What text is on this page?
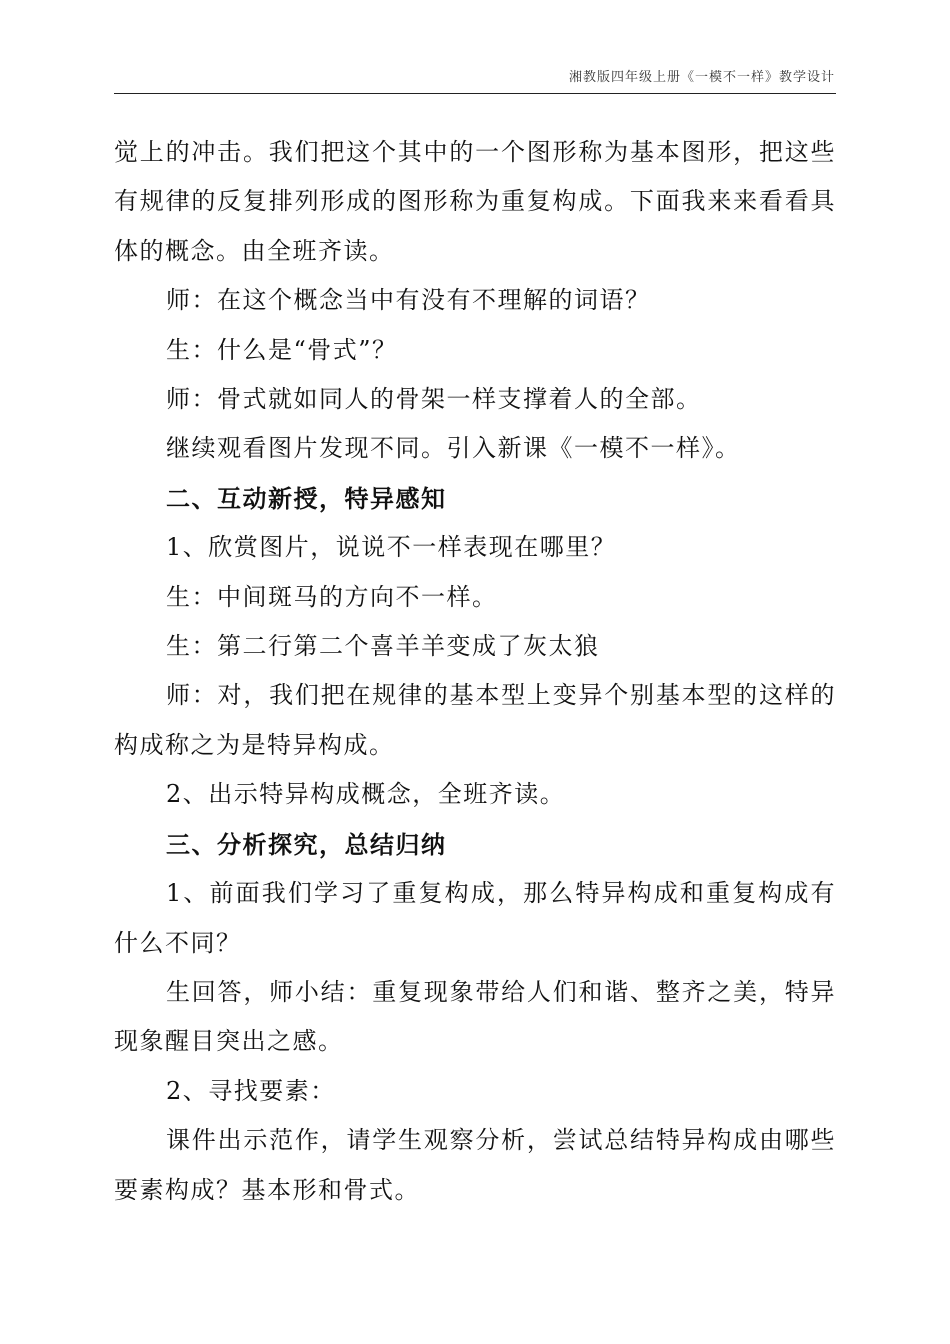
湘教版四年级上册《一模不一样》教学设计

觉上的冲击。我们把这个其中的一个图形称为基本图形，把这些有规律的反复排列形成的图形称为重复构成。下面我来来看看具体的概念。由全班齐读。

师：在这个概念当中有没有不理解的词语？

生：什么是“骨式”？

师：骨式就如同人的骨架一样支撑着人的全部。

继续观看图片发现不同。引入新课《一模不一样》。

二、互动新授，特异感知

1、欣赏图片，说说不一样表现在哪里？

生：中间斑马的方向不一样。

生：第二行第二个喜羊羊变成了灰太狼

师：对，我们把在规律的基本型上变异个别基本型的这样的构成称之为是特异构成。

2、出示特异构成概念，全班齐读。

三、分析探究，总结归纳

1、前面我们学习了重复构成，那么特异构成和重复构成有什么不同？

生回答，师小结：重复现象带给人们和谐、整齐之美，特异现象醒目突出之感。

2、寻找要素：

课件出示范作，请学生观察分析，尝试总结特异构成由哪些要素构成？基本形和骨式。
